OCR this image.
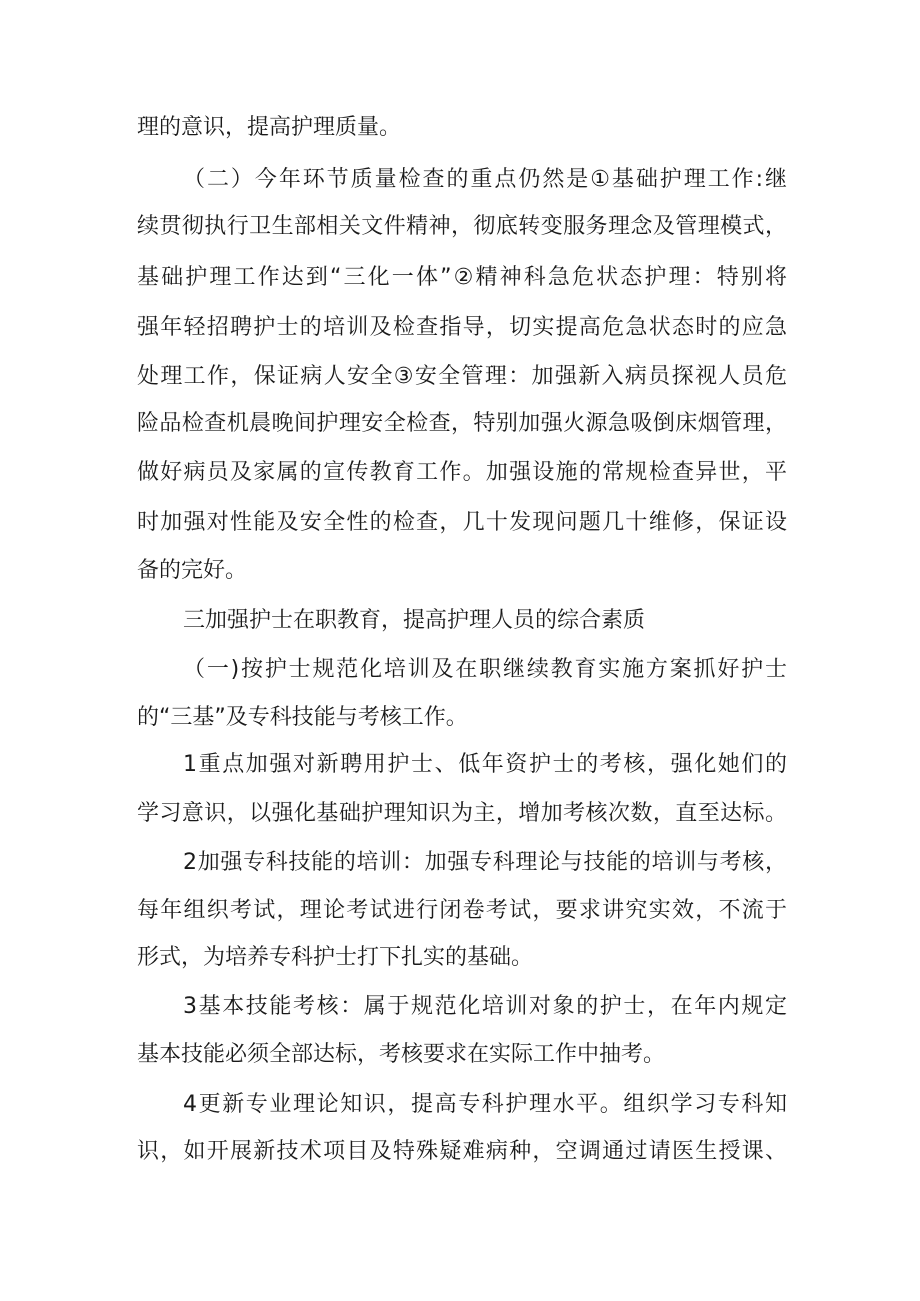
理的意识，提高护理质量。
（二）今年环节质量检查的重点仍然是①基础护理工作:继
续贯彻执行卫生部相关文件精神，彻底转变服务理念及管理模式，
基础护理工作达到“三化一体”②精神科急危状态护理：特别将
强年轻招聘护士的培训及检查指导，切实提高危急状态时的应急
处理工作，保证病人安全③安全管理：加强新入病员探视人员危
险品检查机晨晚间护理安全检查，特别加强火源急吸倒床烟管理，
做好病员及家属的宣传教育工作。加强设施的常规检查异世，平
时加强对性能及安全性的检查，几十发现问题几十维修，保证设
备的完好。
三加强护士在职教育，提高护理人员的综合素质
（一)按护士规范化培训及在职继续教育实施方案抓好护士
的“三基”及专科技能与考核工作。
1重点加强对新聘用护士、低年资护士的考核，强化她们的
学习意识，以强化基础护理知识为主，增加考核次数，直至达标。
2加强专科技能的培训：加强专科理论与技能的培训与考核，
每年组织考试，理论考试进行闭卷考试，要求讲究实效，不流于
形式，为培养专科护士打下扎实的基础。
3基本技能考核：属于规范化培训对象的护士，在年内规定
基本技能必须全部达标，考核要求在实际工作中抽考。
4更新专业理论知识，提高专科护理水平。组织学习专科知
识，如开展新技术项目及特殊疑难病种，空调通过请医生授课、
